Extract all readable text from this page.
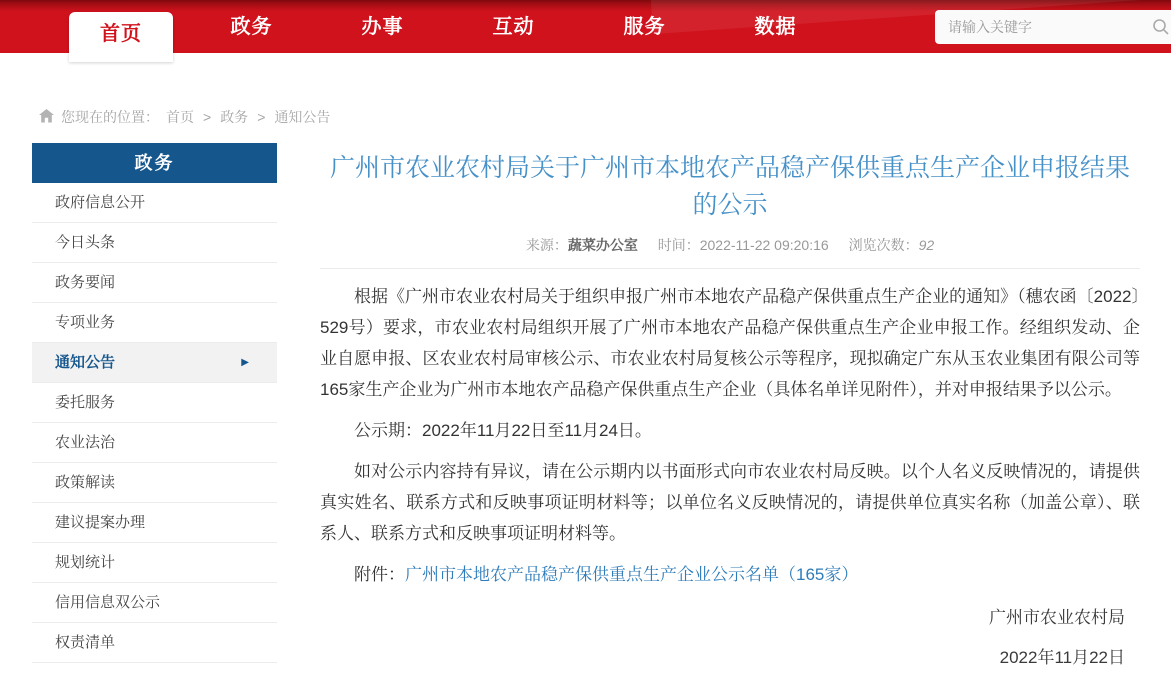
首页	政务	办事	互动	服务	数据
请输入关键字
您现在的位置： 首页 > 政务 > 通知公告
政务
政府信息公开
今日头条
政务要闻
专项业务
通知公告	▶
委托服务
农业法治
政策解读
建议提案办理
规划统计
信用信息双公示
权责清单
广州市农业农村局关于广州市本地农产品稳产保供重点生产企业申报结果的公示
来源：蔬菜办公室 时间：2022-11-22 09:20:16 浏览次数：92

根据《广州市农业农村局关于组织申报广州市本地农产品稳产保供重点生产企业的通知》（穗农函〔2022〕529号）要求，市农业农村局组织开展了广州市本地农产品稳产保供重点生产企业申报工作。经组织发动、企业自愿申报、区农业农村局审核公示、市农业农村局复核公示等程序，现拟确定广东从玉农业集团有限公司等165家生产企业为广州市本地农产品稳产保供重点生产企业（具体名单详见附件），并对申报结果予以公示。

公示期：2022年11月22日至11月24日。

如对公示内容持有异议，请在公示期内以书面形式向市农业农村局反映。以个人名义反映情况的，请提供真实姓名、联系方式和反映事项证明材料等；以单位名义反映情况的，请提供单位真实名称（加盖公章）、联系人、联系方式和反映事项证明材料等。

附件：广州市本地农产品稳产保供重点生产企业公示名单（165家）

广州市农业农村局
2022年11月22日
